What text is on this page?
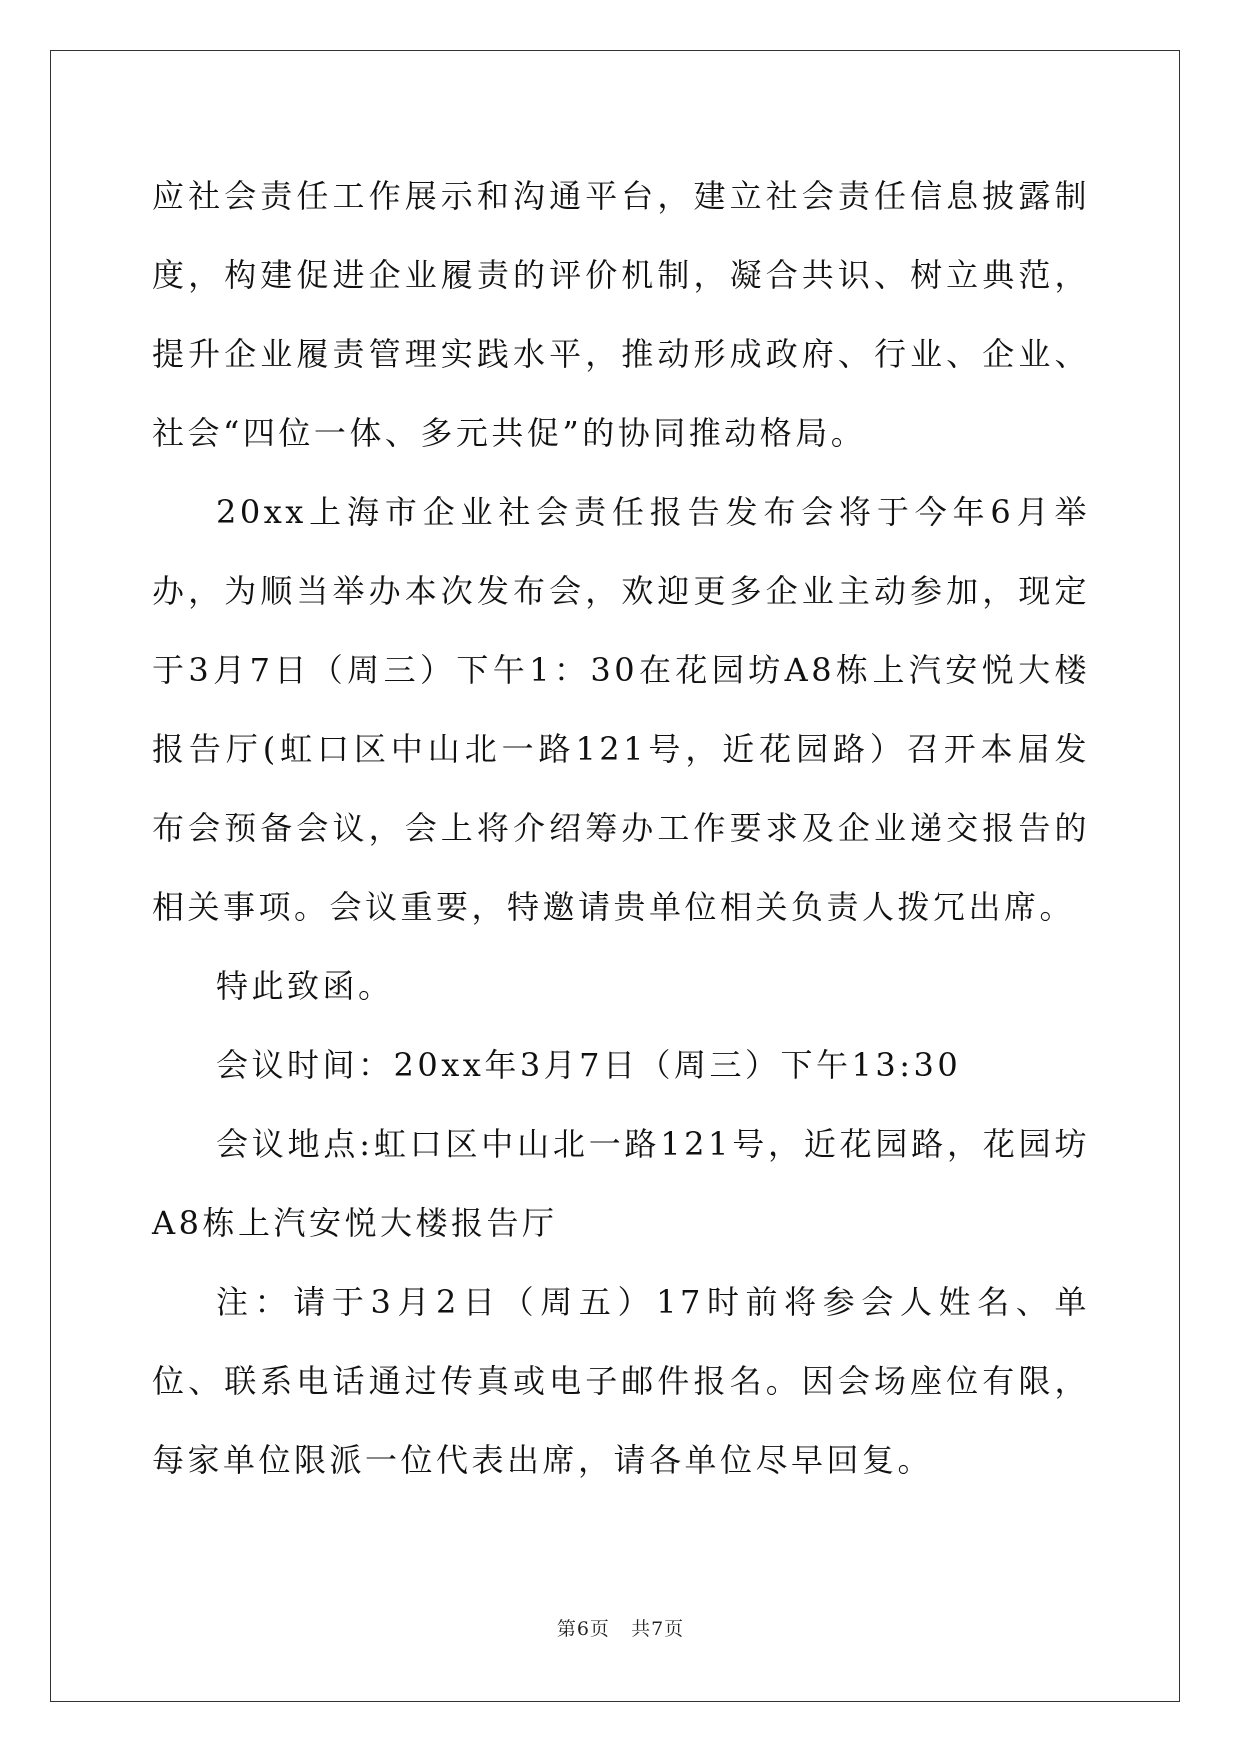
应社会责任工作展示和沟通平台，建立社会责任信息披露制度，构建促进企业履责的评价机制，凝合共识、树立典范，提升企业履责管理实践水平，推动形成政府、行业、企业、社会“四位一体、多元共促”的协同推动格局。

20xx上海市企业社会责任报告发布会将于今年6月举办，为顺当举办本次发布会，欢迎更多企业主动参加，现定于3月7日（周三）下午1：30在花园坊A8栋上汽安悦大楼报告厅(虹口区中山北一路121号，近花园路）召开本届发布会预备会议，会上将介绍筹办工作要求及企业递交报告的相关事项。会议重要，特邀请贵单位相关负责人拨冗出席。

特此致函。

会议时间：20xx年3月7日（周三）下午13:30

会议地点:虹口区中山北一路121号，近花园路，花园坊A8栋上汽安悦大楼报告厅

注：请于3月2日（周五）17时前将参会人姓名、单位、联系电话通过传真或电子邮件报名。因会场座位有限，每家单位限派一位代表出席，请各单位尽早回复。

第6页 共7页
